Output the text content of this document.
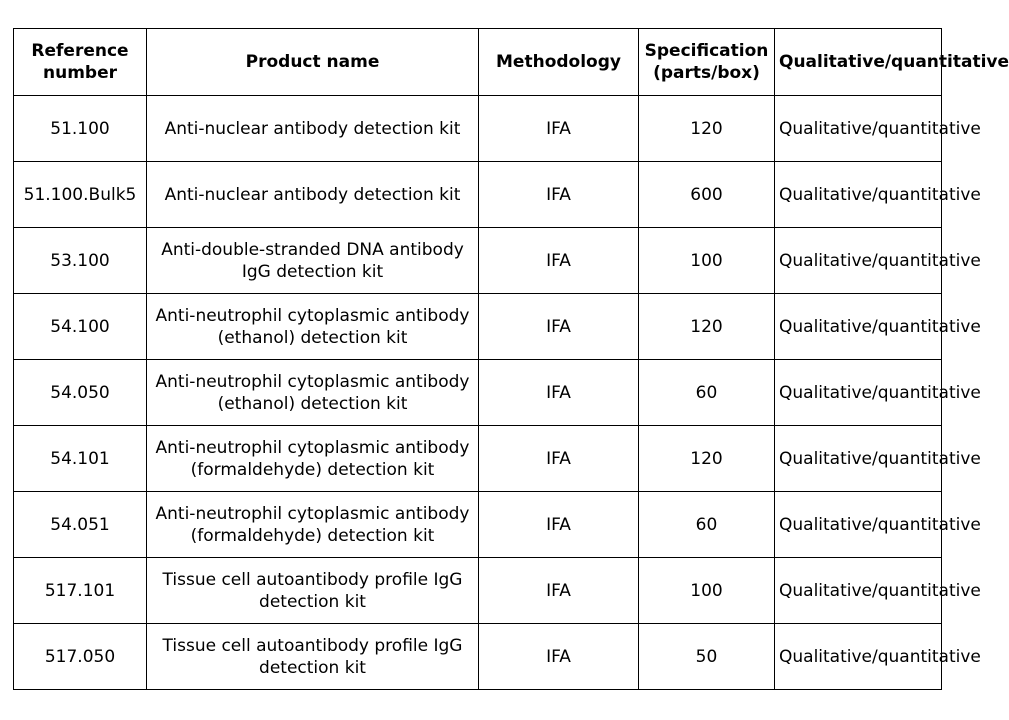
Reference number	Product name	Methodology	Specification (parts/box)	Qualitative/quantitative
51.100	Anti-nuclear antibody detection kit	IFA	120	Qualitative/quantitative
51.100.Bulk5	Anti-nuclear antibody detection kit	IFA	600	Qualitative/quantitative
53.100	Anti-double-stranded DNA antibody IgG detection kit	IFA	100	Qualitative/quantitative
54.100	Anti-neutrophil cytoplasmic antibody (ethanol) detection kit	IFA	120	Qualitative/quantitative
54.050	Anti-neutrophil cytoplasmic antibody (ethanol) detection kit	IFA	60	Qualitative/quantitative
54.101	Anti-neutrophil cytoplasmic antibody (formaldehyde) detection kit	IFA	120	Qualitative/quantitative
54.051	Anti-neutrophil cytoplasmic antibody (formaldehyde) detection kit	IFA	60	Qualitative/quantitative
517.101	Tissue cell autoantibody profile IgG detection kit	IFA	100	Qualitative/quantitative
517.050	Tissue cell autoantibody profile IgG detection kit	IFA	50	Qualitative/quantitative
